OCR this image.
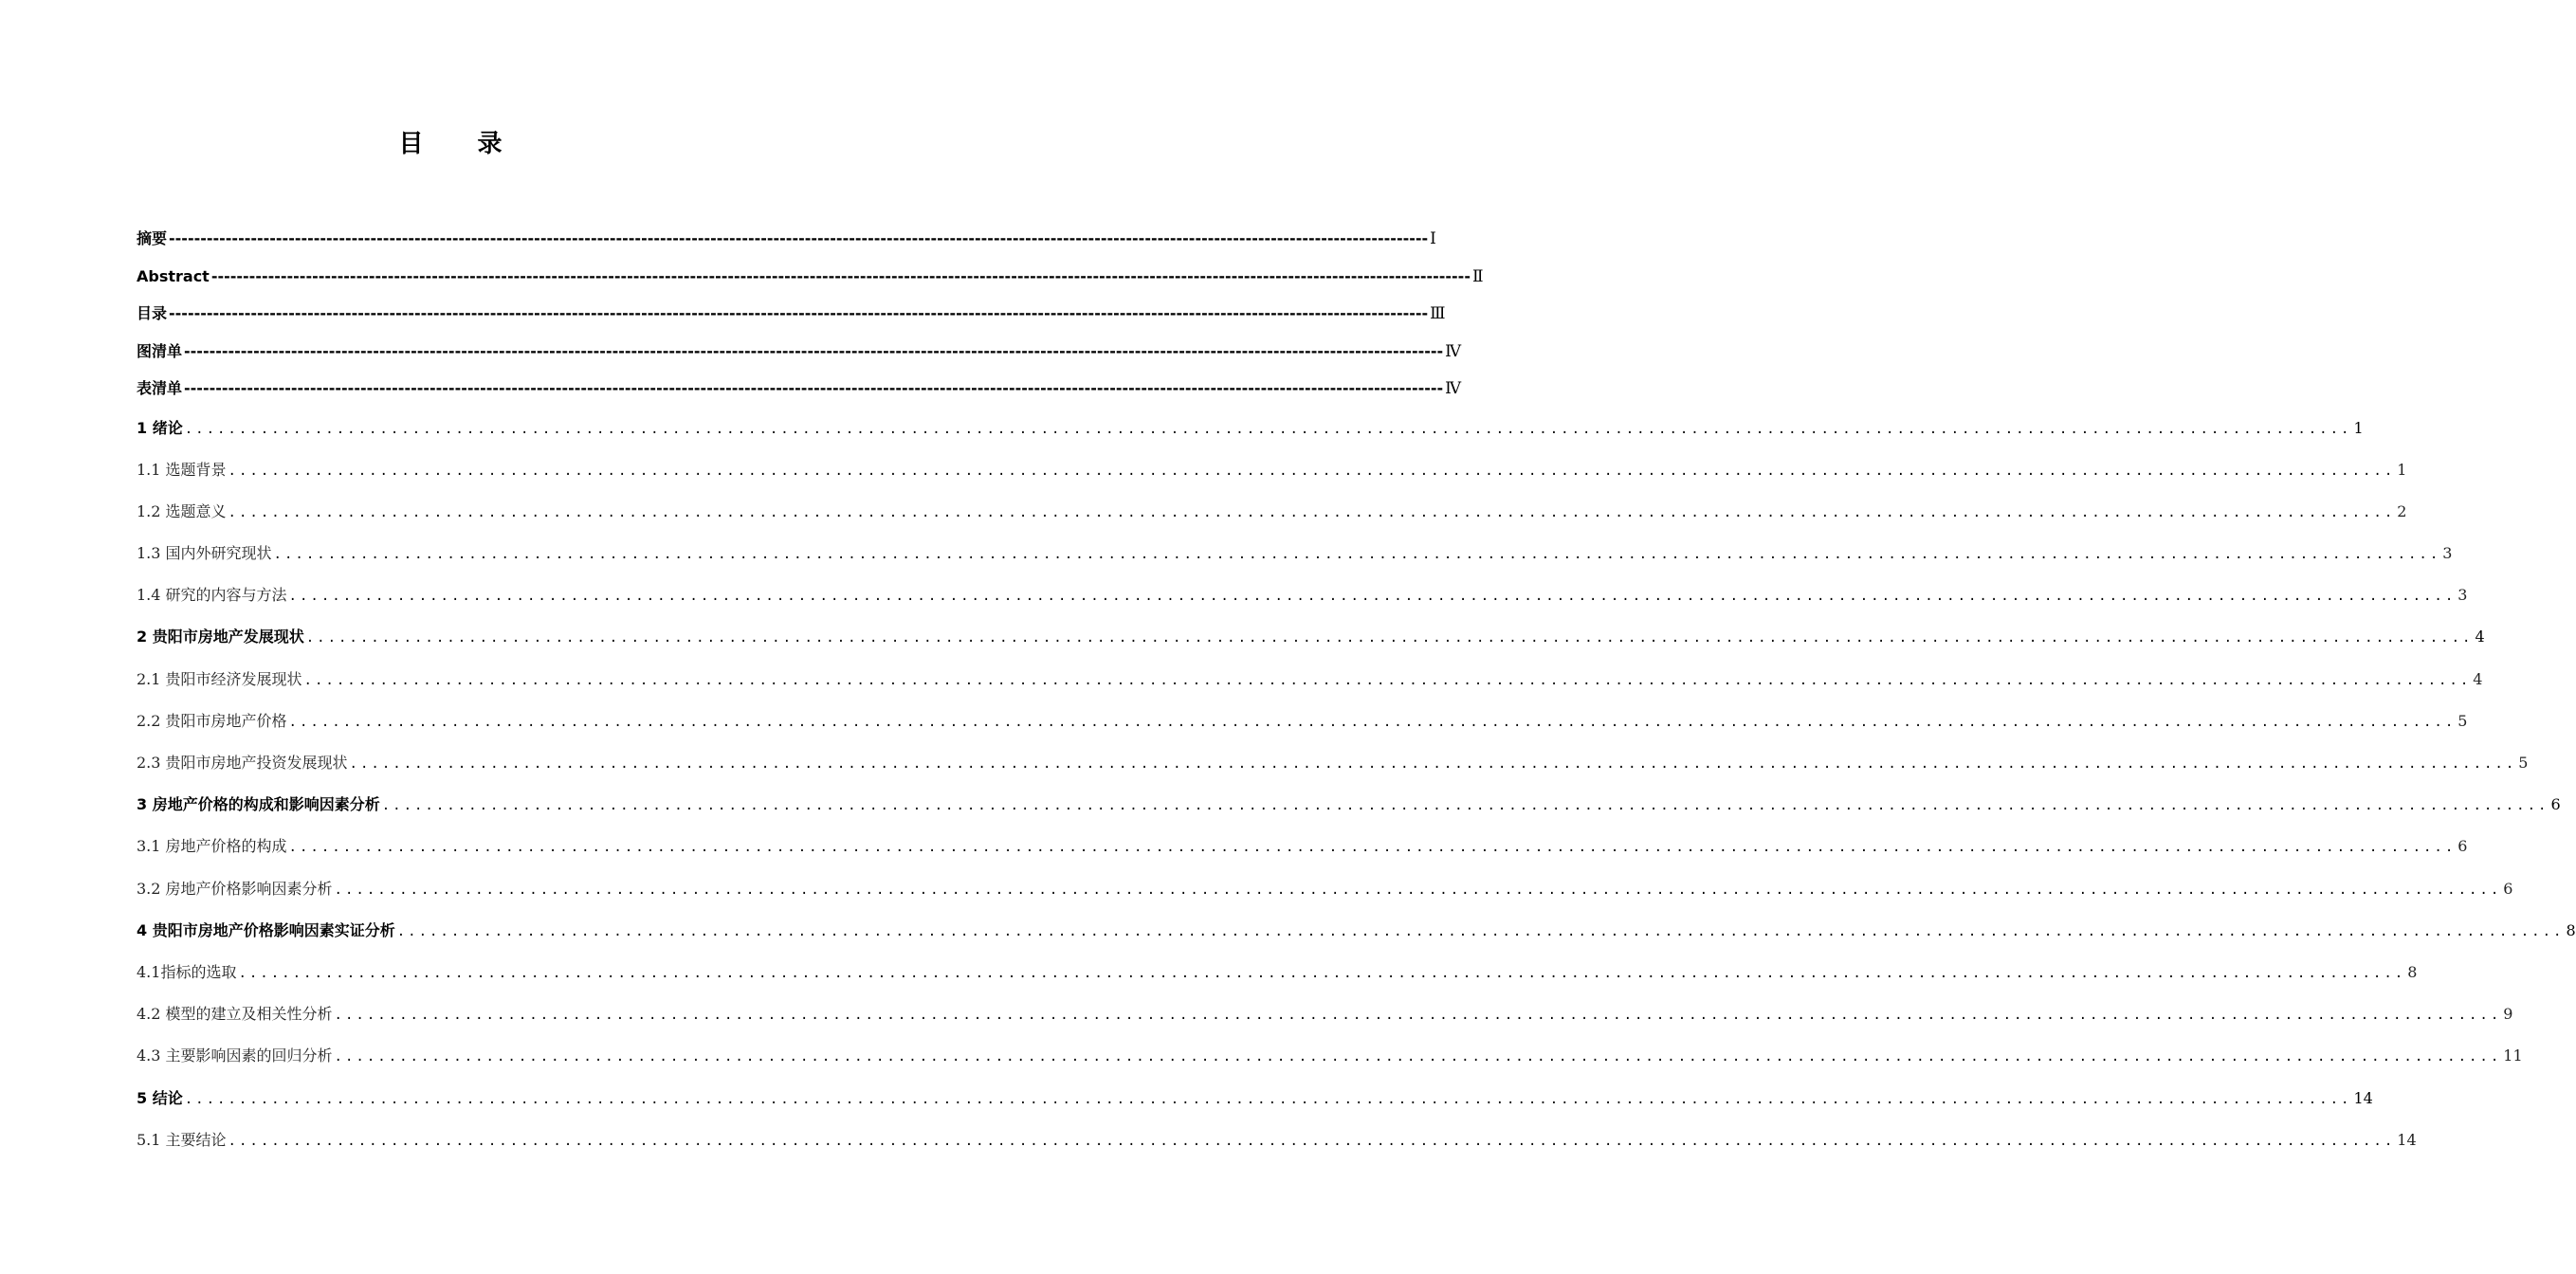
目 录
摘要 -------------------------------------------------------------------------------------------------------------------------------------------------------------------------------------------------------- Ⅰ
Abstract -------------------------------------------------------------------------------------------------------------------------------------------------------------------------------------------------------- Ⅱ
目录 -------------------------------------------------------------------------------------------------------------------------------------------------------------------------------------------------------- Ⅲ
图清单 -------------------------------------------------------------------------------------------------------------------------------------------------------------------------------------------------------- Ⅳ
表清单 -------------------------------------------------------------------------------------------------------------------------------------------------------------------------------------------------------- Ⅳ
1 绪论 ........................................................................................................................................................................................................ 1
1.1 选题背景 ........................................................................................................................................................................................................ 1
1.2 选题意义 ........................................................................................................................................................................................................ 2
1.3 国内外研究现状 ........................................................................................................................................................................................................ 3
1.4 研究的内容与方法 ........................................................................................................................................................................................................ 3
2 贵阳市房地产发展现状 ........................................................................................................................................................................................................ 4
2.1 贵阳市经济发展现状 ........................................................................................................................................................................................................ 4
2.2 贵阳市房地产价格 ........................................................................................................................................................................................................ 5
2.3 贵阳市房地产投资发展现状 ........................................................................................................................................................................................................ 5
3 房地产价格的构成和影响因素分析 ........................................................................................................................................................................................................ 6
3.1 房地产价格的构成 ........................................................................................................................................................................................................ 6
3.2 房地产价格影响因素分析 ........................................................................................................................................................................................................ 6
4 贵阳市房地产价格影响因素实证分析 ........................................................................................................................................................................................................ 8
4.1指标的选取 ........................................................................................................................................................................................................ 8
4.2 模型的建立及相关性分析 ........................................................................................................................................................................................................ 9
4.3 主要影响因素的回归分析 ........................................................................................................................................................................................................ 11
5 结论 ........................................................................................................................................................................................................ 14
5.1 主要结论 ........................................................................................................................................................................................................ 14
